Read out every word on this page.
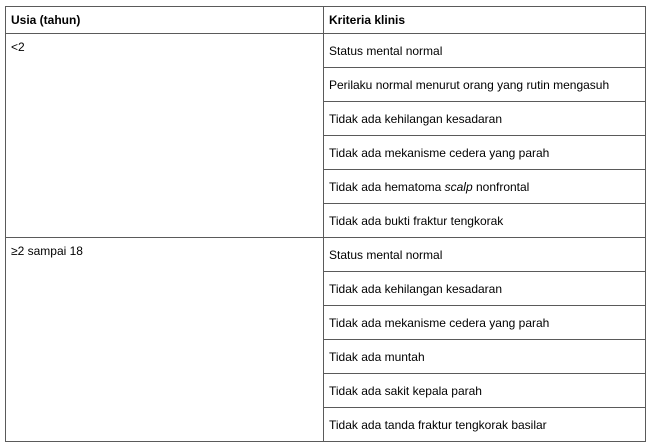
Usia (tahun)	Kriteria klinis
<2	Status mental normal
	Perilaku normal menurut orang yang rutin mengasuh
	Tidak ada kehilangan kesadaran
	Tidak ada mekanisme cedera yang parah
	Tidak ada hematoma scalp nonfrontal
	Tidak ada bukti fraktur tengkorak
≥2 sampai 18	Status mental normal
	Tidak ada kehilangan kesadaran
	Tidak ada mekanisme cedera yang parah
	Tidak ada muntah
	Tidak ada sakit kepala parah
	Tidak ada tanda fraktur tengkorak basilar
